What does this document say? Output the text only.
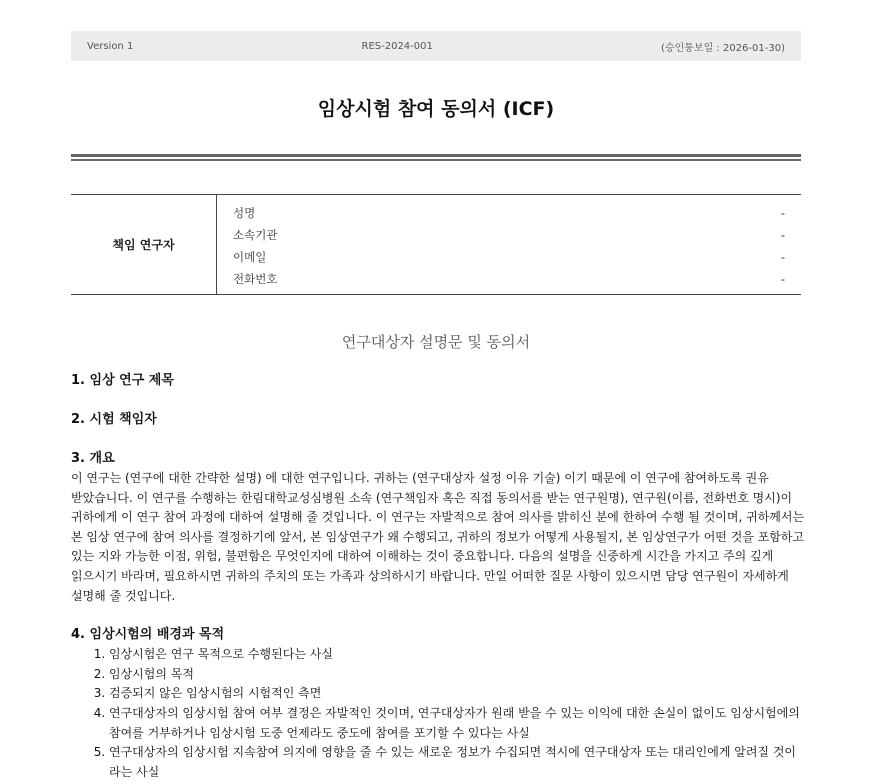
Version 1	RES-2024-001	(승인통보일 : 2026-01-30)
임상시험 참여 동의서 (ICF)
책임 연구자
성명	-
소속기관	-
이메일	-
전화번호	-
연구대상자 설명문 및 동의서
1. 임상 연구 제목
2. 시험 책임자
3. 개요
이 연구는 (연구에 대한 간략한 설명) 에 대한 연구입니다. 귀하는 (연구대상자 설정 이유 기술) 이기 때문에 이 연구에 참여하도록 권유
받았습니다. 이 연구를 수행하는 한림대학교성심병원 소속 (연구책임자 혹은 직접 동의서를 받는 연구원명), 연구원(이름, 전화번호 명시)이
귀하에게 이 연구 참여 과정에 대하여 설명해 줄 것입니다. 이 연구는 자발적으로 참여 의사를 밝히신 분에 한하여 수행 될 것이며, 귀하께서는
본 임상 연구에 참여 의사를 결정하기에 앞서, 본 임상연구가 왜 수행되고, 귀하의 정보가 어떻게 사용될지, 본 임상연구가 어떤 것을 포함하고
있는 지와 가능한 이점, 위험, 불편함은 무엇인지에 대하여 이해하는 것이 중요합니다. 다음의 설명을 신중하게 시간을 가지고 주의 깊게
읽으시기 바라며, 필요하시면 귀하의 주치의 또는 가족과 상의하시기 바랍니다. 만일 어떠한 질문 사항이 있으시면 담당 연구원이 자세하게
설명해 줄 것입니다.
4. 임상시험의 배경과 목적
1. 임상시험은 연구 목적으로 수행된다는 사실
2. 임상시험의 목적
3. 검증되지 않은 임상시험의 시험적인 측면
4. 연구대상자의 임상시험 참여 여부 결정은 자발적인 것이며, 연구대상자가 원래 받을 수 있는 이익에 대한 손실이 없이도 임상시험에의 참여를 거부하거나 임상시험 도중 언제라도 중도에 참여를 포기할 수 있다는 사실
5. 연구대상자의 임상시험 지속참여 의지에 영향을 줄 수 있는 새로운 정보가 수집되면 적시에 연구대상자 또는 대리인에게 알려질 것이라는 사실
